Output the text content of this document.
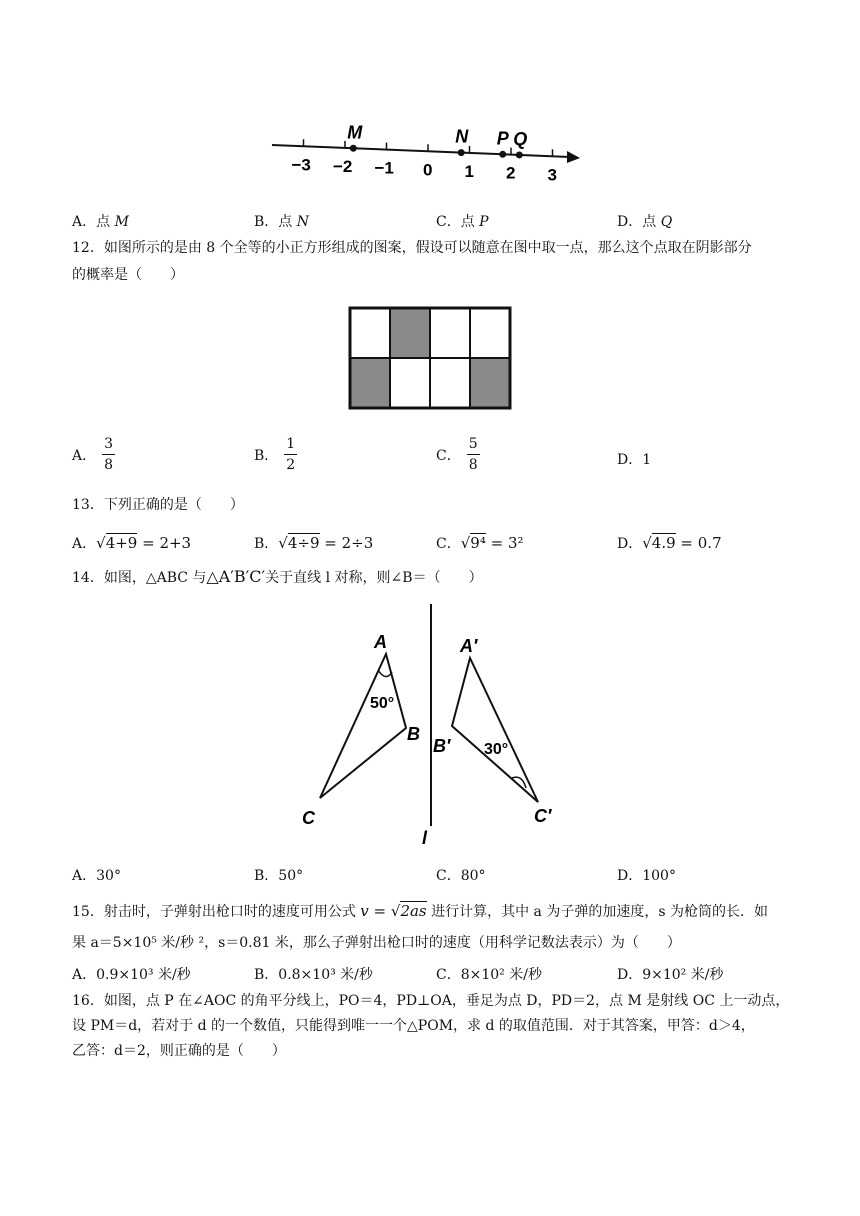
−3 −2 −1 0 1 2 3
M	N P Q
A．点 M	B．点 N	C．点 P	D．点 Q
12．如图所示的是由 8 个全等的小正方形组成的图案，假设可以随意在图中取一点，那么这个点取在阴影部分
的概率是（　　）
A． $\frac{3}{8}$	B． $\frac{1}{2}$	C． $\frac{5}{8}$	D．1
13．下列正确的是（　　）
A．√4+9 = 2+3	B．√4÷9 = 2÷3	C．√9⁴ = 3²	D．√4.9 = 0.7
14．如图，△ABC 与△A′B′C′关于直线 l 对称，则∠B＝（　　）
A
B
C
50°
A′
B′
C′
30°
l
A．30°	B．50°	C．80°	D．100°
15．射击时，子弹射出枪口时的速度可用公式 v = √2as 进行计算，其中 a 为子弹的加速度，s 为枪筒的长．如
果 a＝5×10⁵ 米/秒 ²，s＝0.81 米，那么子弹射出枪口时的速度（用科学记数法表示）为（　　）
A．0.9×10³ 米/秒	B．0.8×10³ 米/秒	C．8×10² 米/秒	D．9×10² 米/秒
16．如图，点 P 在∠AOC 的角平分线上，PO＝4，PD⊥OA，垂足为点 D，PD＝2，点 M 是射线 OC 上一动点，
设 PM＝d，若对于 d 的一个数值，只能得到唯一一个△POM，求 d 的取值范围．对于其答案，甲答：d＞4，
乙答：d＝2，则正确的是（　　）
